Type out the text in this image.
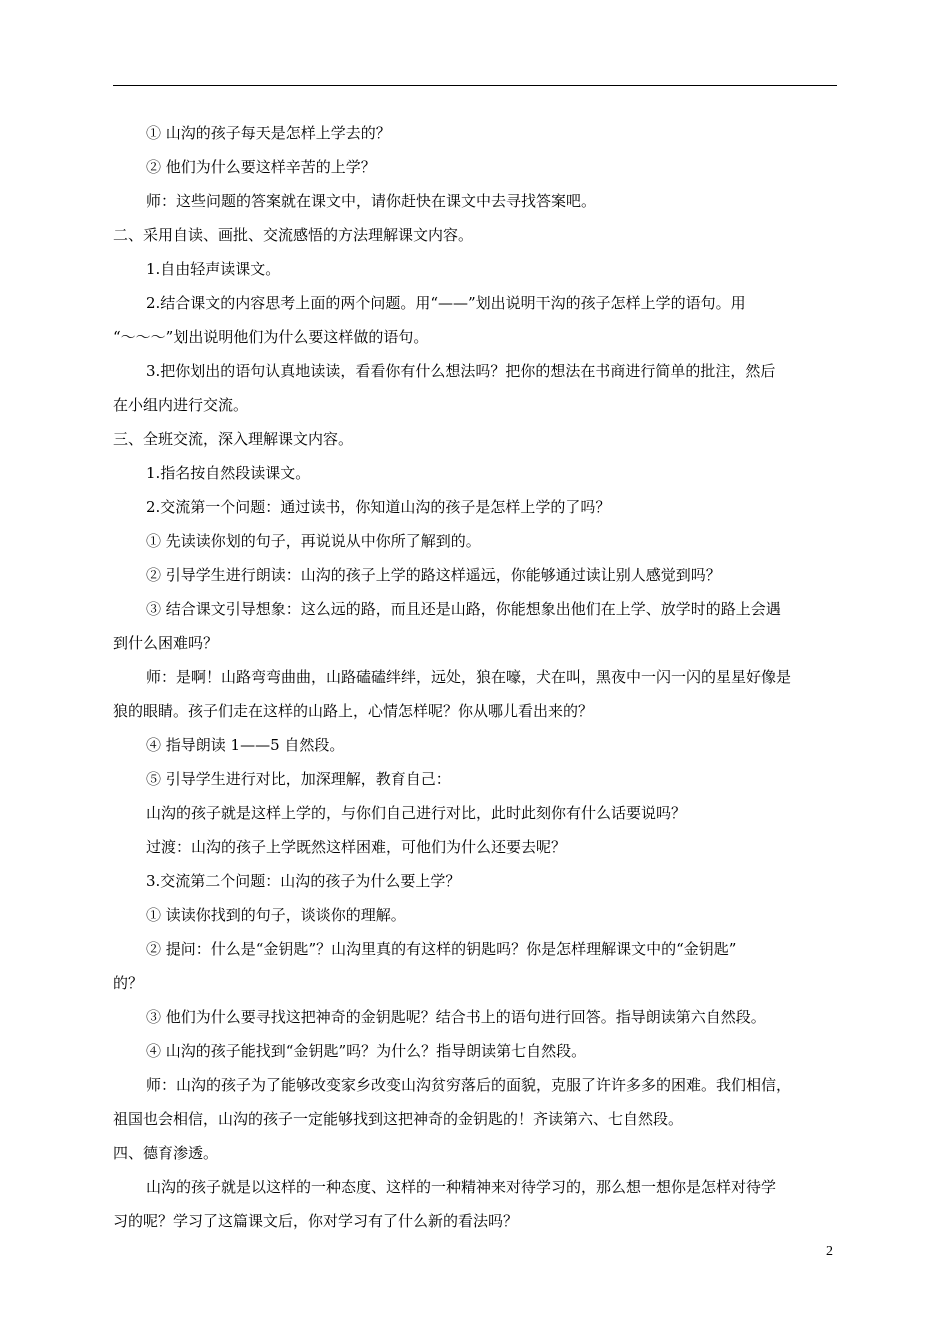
① 山沟的孩子每天是怎样上学去的？

② 他们为什么要这样辛苦的上学？

师：这些问题的答案就在课文中，请你赶快在课文中去寻找答案吧。

二、采用自读、画批、交流感悟的方法理解课文内容。

1.自由轻声读课文。

2.结合课文的内容思考上面的两个问题。用“——”划出说明干沟的孩子怎样上学的语句。用

“～～～”划出说明他们为什么要这样做的语句。

3.把你划出的语句认真地读读，看看你有什么想法吗？把你的想法在书商进行简单的批注，然后

在小组内进行交流。

三、全班交流，深入理解课文内容。

1.指名按自然段读课文。

2.交流第一个问题：通过读书，你知道山沟的孩子是怎样上学的了吗？

① 先读读你划的句子，再说说从中你所了解到的。

② 引导学生进行朗读：山沟的孩子上学的路这样遥远，你能够通过读让别人感觉到吗？

③ 结合课文引导想象：这么远的路，而且还是山路，你能想象出他们在上学、放学时的路上会遇

到什么困难吗？

师：是啊！山路弯弯曲曲，山路磕磕绊绊，远处，狼在嚎，犬在叫，黑夜中一闪一闪的星星好像是

狼的眼睛。孩子们走在这样的山路上，心情怎样呢？你从哪儿看出来的？

④ 指导朗读 1——5 自然段。

⑤ 引导学生进行对比，加深理解，教育自己：

山沟的孩子就是这样上学的，与你们自己进行对比，此时此刻你有什么话要说吗？

过渡：山沟的孩子上学既然这样困难，可他们为什么还要去呢？

3.交流第二个问题：山沟的孩子为什么要上学？

① 读读你找到的句子，谈谈你的理解。

② 提问：什么是“金钥匙”？山沟里真的有这样的钥匙吗？你是怎样理解课文中的“金钥匙”

的？

③ 他们为什么要寻找这把神奇的金钥匙呢？结合书上的语句进行回答。指导朗读第六自然段。

④ 山沟的孩子能找到“金钥匙”吗？为什么？指导朗读第七自然段。

师：山沟的孩子为了能够改变家乡改变山沟贫穷落后的面貌，克服了许许多多的困难。我们相信，

祖国也会相信，山沟的孩子一定能够找到这把神奇的金钥匙的！齐读第六、七自然段。

四、德育渗透。

山沟的孩子就是以这样的一种态度、这样的一种精神来对待学习的，那么想一想你是怎样对待学

习的呢？学习了这篇课文后，你对学习有了什么新的看法吗？

2
